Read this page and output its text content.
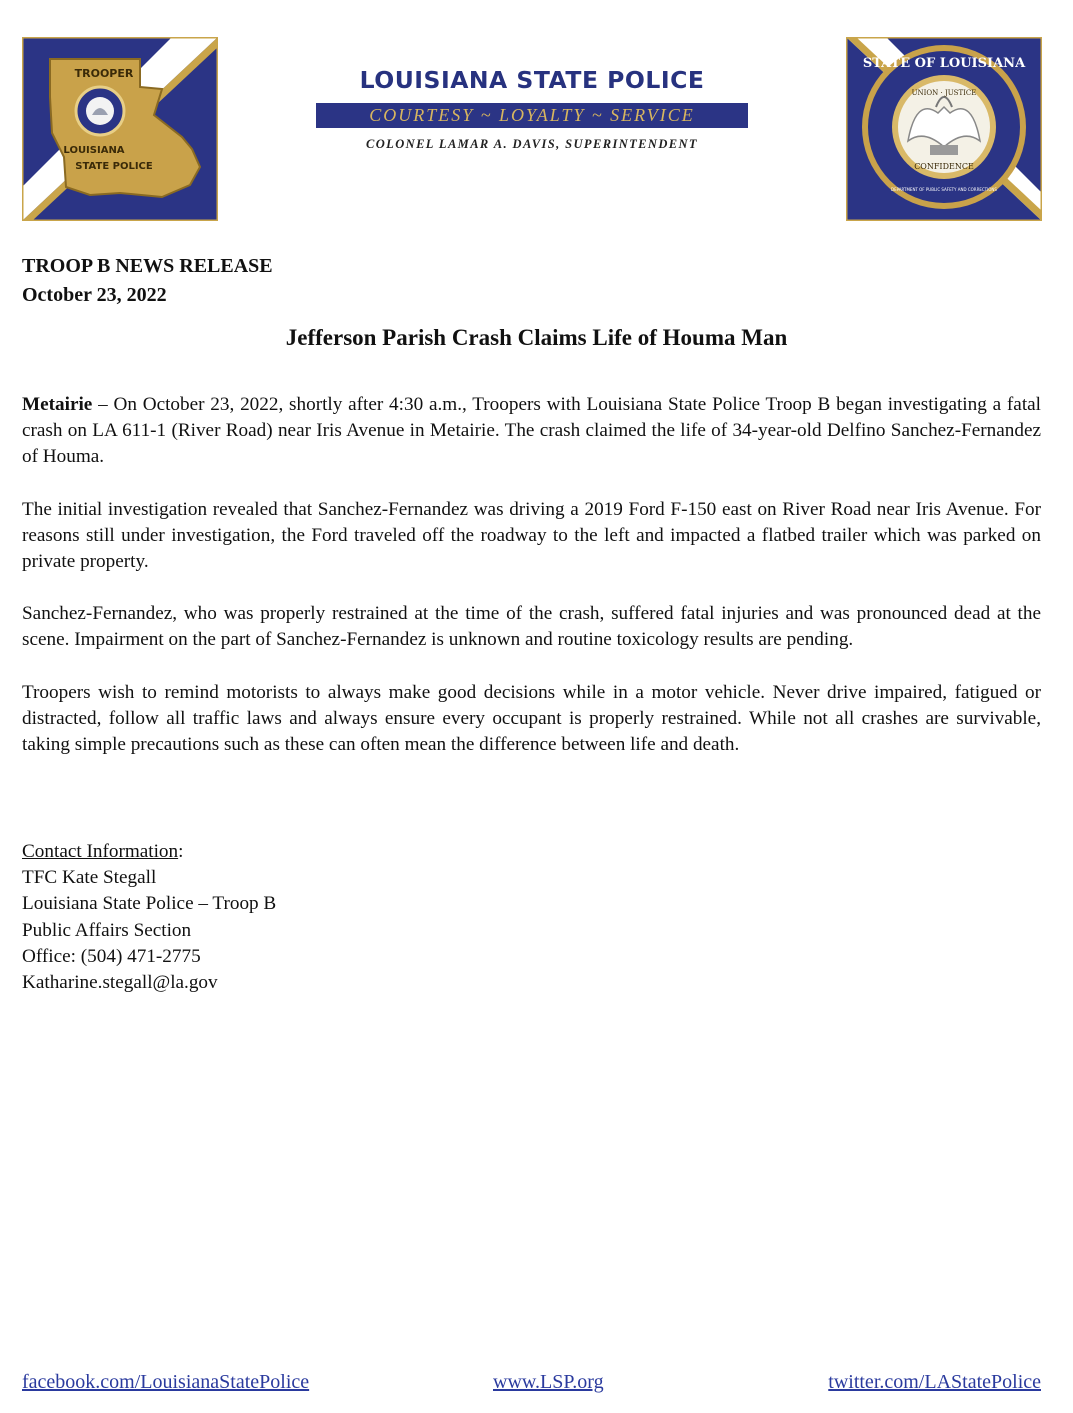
TROOPER
LOUISIANA
STATE POLICE
LOUISIANA STATE POLICE
COURTESY ~ LOYALTY ~ SERVICE
COLONEL LAMAR A. DAVIS, SUPERINTENDENT
STATE OF LOUISIANA
UNION · JUSTICE
CONFIDENCE
DEPARTMENT OF PUBLIC SAFETY AND CORRECTIONS
TROOP B NEWS RELEASE
October 23, 2022
Jefferson Parish Crash Claims Life of Houma Man

Metairie – On October 23, 2022, shortly after 4:30 a.m., Troopers with Louisiana State Police Troop B began investigating a fatal crash on LA 611-1 (River Road) near Iris Avenue in Metairie. The crash claimed the life of 34-year-old Delfino Sanchez-Fernandez of Houma.

The initial investigation revealed that Sanchez-Fernandez was driving a 2019 Ford F-150 east on River Road near Iris Avenue. For reasons still under investigation, the Ford traveled off the roadway to the left and impacted a flatbed trailer which was parked on private property.

Sanchez-Fernandez, who was properly restrained at the time of the crash, suffered fatal injuries and was pronounced dead at the scene. Impairment on the part of Sanchez-Fernandez is unknown and routine toxicology results are pending.

Troopers wish to remind motorists to always make good decisions while in a motor vehicle. Never drive impaired, fatigued or distracted, follow all traffic laws and always ensure every occupant is properly restrained. While not all crashes are survivable, taking simple precautions such as these can often mean the difference between life and death.

Contact Information:
TFC Kate Stegall
Louisiana State Police – Troop B
Public Affairs Section
Office: (504) 471-2775
Katharine.stegall@la.gov
facebook.com/LouisianaStatePolice	www.LSP.org	twitter.com/LAStatePolice
